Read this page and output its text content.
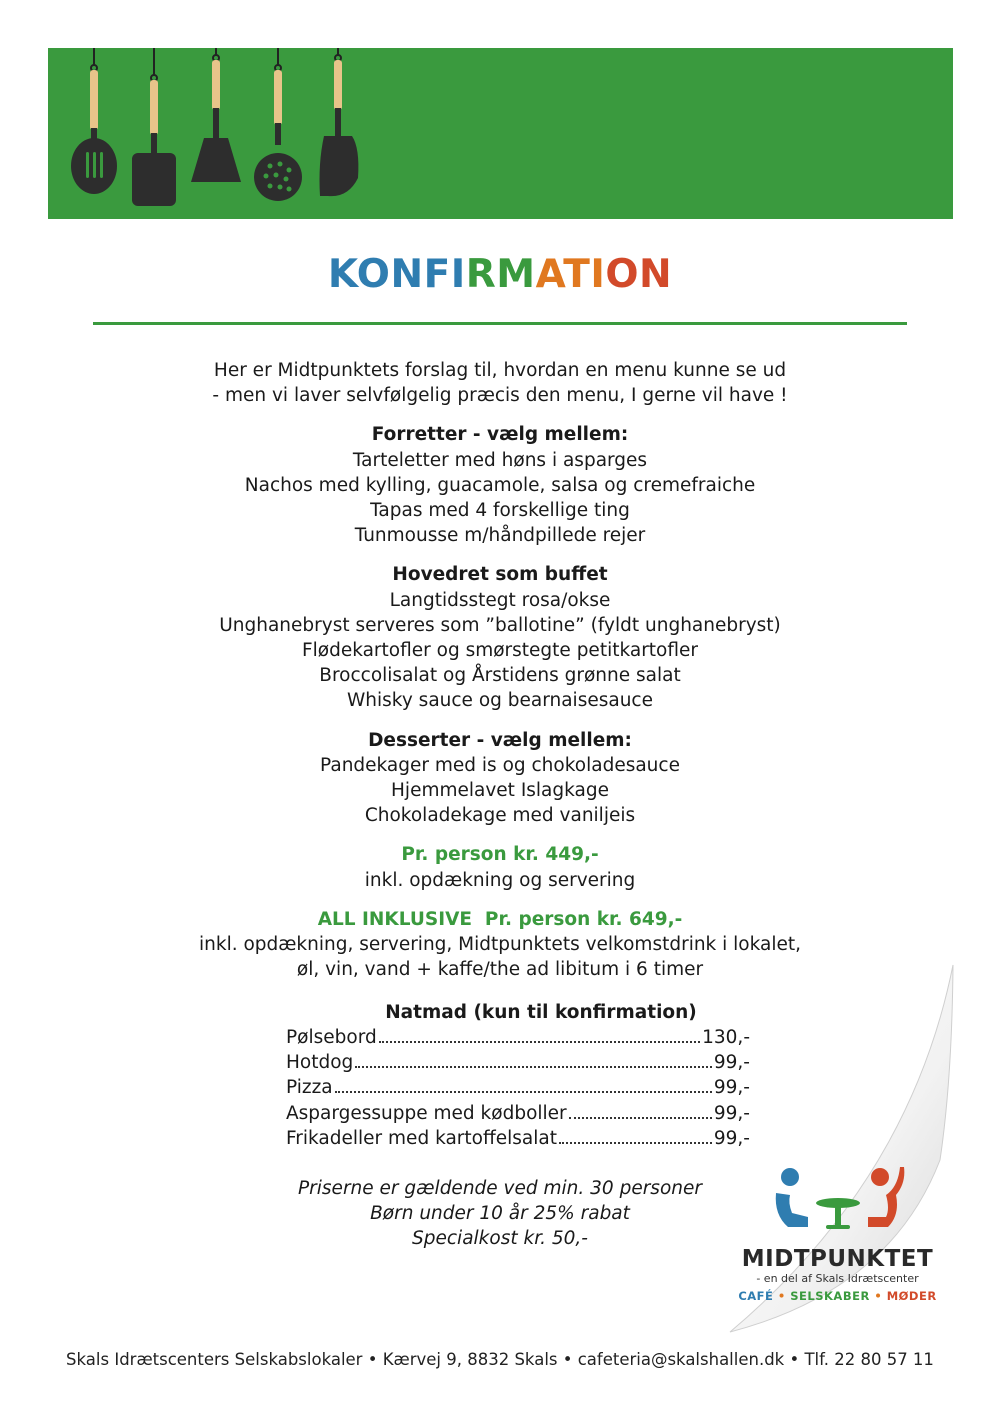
KONFIRMATION

Her er Midtpunktets forslag til, hvordan en menu kunne se ud

- men vi laver selvfølgelig præcis den menu, I gerne vil have !

Forretter - vælg mellem:

Tarteletter med høns i asparges

Nachos med kylling, guacamole, salsa og cremefraiche

Tapas med 4 forskellige ting

Tunmousse m/håndpillede rejer

Hovedret som buffet

Langtidsstegt rosa/okse

Unghanebryst serveres som ”ballotine” (fyldt unghanebryst)

Flødekartofler og smørstegte petitkartofler

Broccolisalat og Årstidens grønne salat

Whisky sauce og bearnaisesauce

Desserter - vælg mellem:

Pandekager med is og chokoladesauce

Hjemmelavet Islagkage

Chokoladekage med vaniljeis

Pr. person kr. 449,-

inkl. opdækning og servering

ALL INKLUSIVE  Pr. person kr. 649,-

inkl. opdækning, servering, Midtpunktets velkomstdrink i lokalet,

øl, vin, vand + kaffe/the ad libitum i 6 timer

Natmad (kun til konfirmation)

Pølsebord	130,-
Hotdog	99,-
Pizza	99,-
Aspargessuppe med kødboller	99,-
Frikadeller med kartoffelsalat	99,-

Priserne er gældende ved min. 30 personer

Børn under 10 år 25% rabat

Specialkost kr. 50,-

MIDTPUNKTET
- en del af Skals Idrætscenter
CAFÉ • SELSKABER • MØDER
Skals Idrætscenters Selskabslokaler • Kærvej 9, 8832 Skals • cafeteria@skalshallen.dk • Tlf. 22 80 57 11
